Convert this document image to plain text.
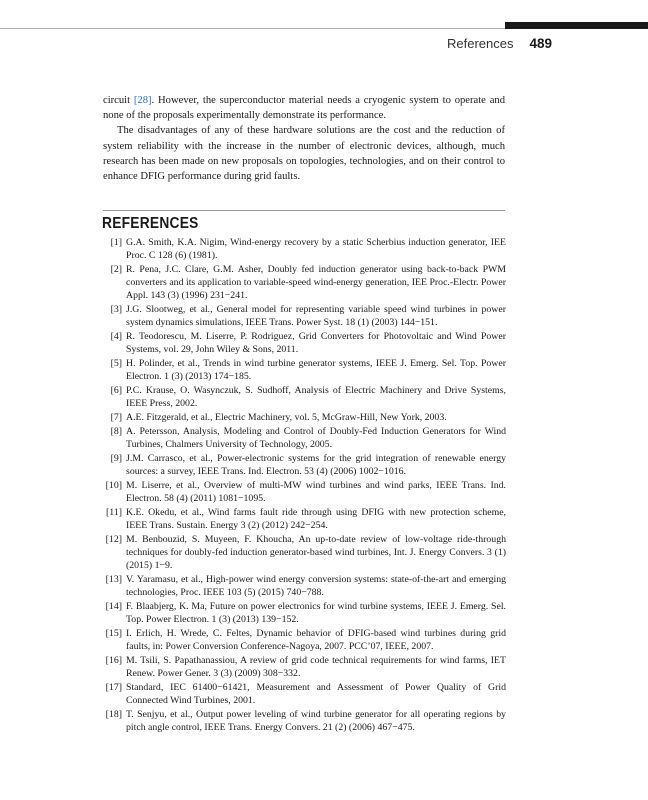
References 489

circuit [28]. However, the superconductor material needs a cryogenic system to operate and none of the proposals experimentally demonstrate its performance.

The disadvantages of any of these hardware solutions are the cost and the reduction of system reliability with the increase in the number of electronic devices, although, much research has been made on new proposals on topologies, technologies, and on their control to enhance DFIG performance during grid faults.

REFERENCES
[1] G.A. Smith, K.A. Nigim, Wind-energy recovery by a static Scherbius induction generator, IEE Proc. C 128 (6) (1981).
[2] R. Pena, J.C. Clare, G.M. Asher, Doubly fed induction generator using back-to-back PWM converters and its application to variable-speed wind-energy generation, IEE Proc.-Electr. Power Appl. 143 (3) (1996) 231−241.
[3] J.G. Slootweg, et al., General model for representing variable speed wind turbines in power system dynamics simulations, IEEE Trans. Power Syst. 18 (1) (2003) 144−151.
[4] R. Teodorescu, M. Liserre, P. Rodriguez, Grid Converters for Photovoltaic and Wind Power Systems, vol. 29, John Wiley & Sons, 2011.
[5] H. Polinder, et al., Trends in wind turbine generator systems, IEEE J. Emerg. Sel. Top. Power Electron. 1 (3) (2013) 174−185.
[6] P.C. Krause, O. Wasynczuk, S. Sudhoff, Analysis of Electric Machinery and Drive Systems, IEEE Press, 2002.
[7] A.E. Fitzgerald, et al., Electric Machinery, vol. 5, McGraw-Hill, New York, 2003.
[8] A. Petersson, Analysis, Modeling and Control of Doubly-Fed Induction Generators for Wind Turbines, Chalmers University of Technology, 2005.
[9] J.M. Carrasco, et al., Power-electronic systems for the grid integration of renewable energy sources: a survey, IEEE Trans. Ind. Electron. 53 (4) (2006) 1002−1016.
[10] M. Liserre, et al., Overview of multi-MW wind turbines and wind parks, IEEE Trans. Ind. Electron. 58 (4) (2011) 1081−1095.
[11] K.E. Okedu, et al., Wind farms fault ride through using DFIG with new protection scheme, IEEE Trans. Sustain. Energy 3 (2) (2012) 242−254.
[12] M. Benbouzid, S. Muyeen, F. Khoucha, An up-to-date review of low-voltage ride-through techniques for doubly-fed induction generator-based wind turbines, Int. J. Energy Convers. 3 (1) (2015) 1−9.
[13] V. Yaramasu, et al., High-power wind energy conversion systems: state-of-the-art and emerging technologies, Proc. IEEE 103 (5) (2015) 740−788.
[14] F. Blaabjerg, K. Ma, Future on power electronics for wind turbine systems, IEEE J. Emerg. Sel. Top. Power Electron. 1 (3) (2013) 139−152.
[15] I. Erlich, H. Wrede, C. Feltes, Dynamic behavior of DFIG-based wind turbines during grid faults, in: Power Conversion Conference-Nagoya, 2007. PCC’07, IEEE, 2007.
[16] M. Tsili, S. Papathanassiou, A review of grid code technical requirements for wind farms, IET Renew. Power Gener. 3 (3) (2009) 308−332.
[17] Standard, IEC 61400−61421, Measurement and Assessment of Power Quality of Grid Connected Wind Turbines, 2001.
[18] T. Senjyu, et al., Output power leveling of wind turbine generator for all operating regions by pitch angle control, IEEE Trans. Energy Convers. 21 (2) (2006) 467−475.
